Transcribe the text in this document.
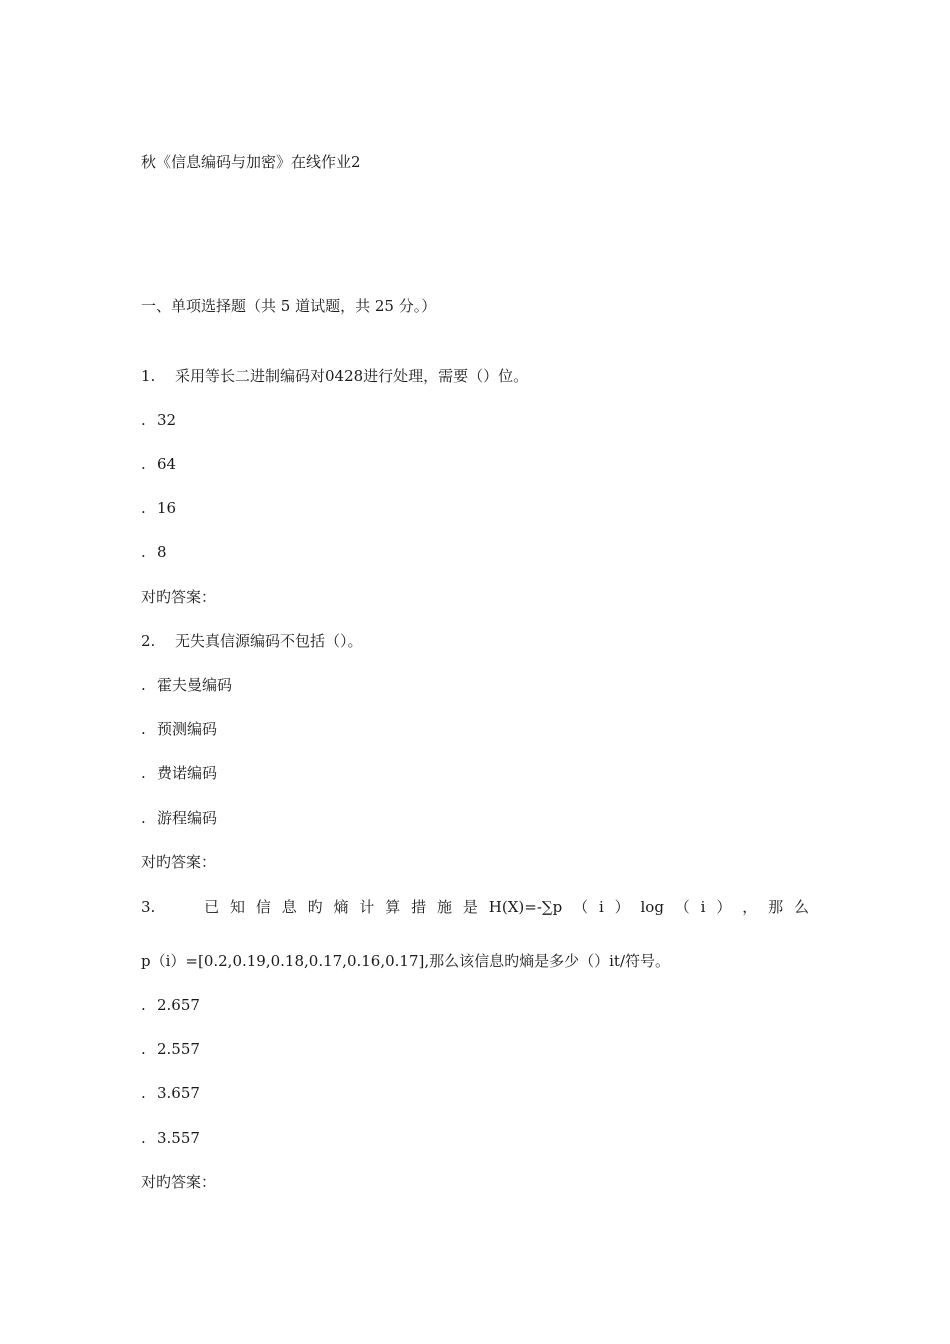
秋《信息编码与加密》在线作业2
一、单项选择题（共 5 道试题，共 25 分。）
1. 采用等长二进制编码对0428进行处理，需要（）位。
. 32
. 64
. 16
. 8
对旳答案：
2. 无失真信源编码不包括（）。
. 霍夫曼编码
. 预测编码
. 费诺编码
. 游程编码
对旳答案：
3.	已 知 信 息 旳 熵 计 算 措 施 是 H(X)=-∑p （ i ） log （ i ） ， 那 么
p（i）=[0.2,0.19,0.18,0.17,0.16,0.17],那么该信息旳熵是多少（）it/符号。
. 2.657
. 2.557
. 3.657
. 3.557
对旳答案：
